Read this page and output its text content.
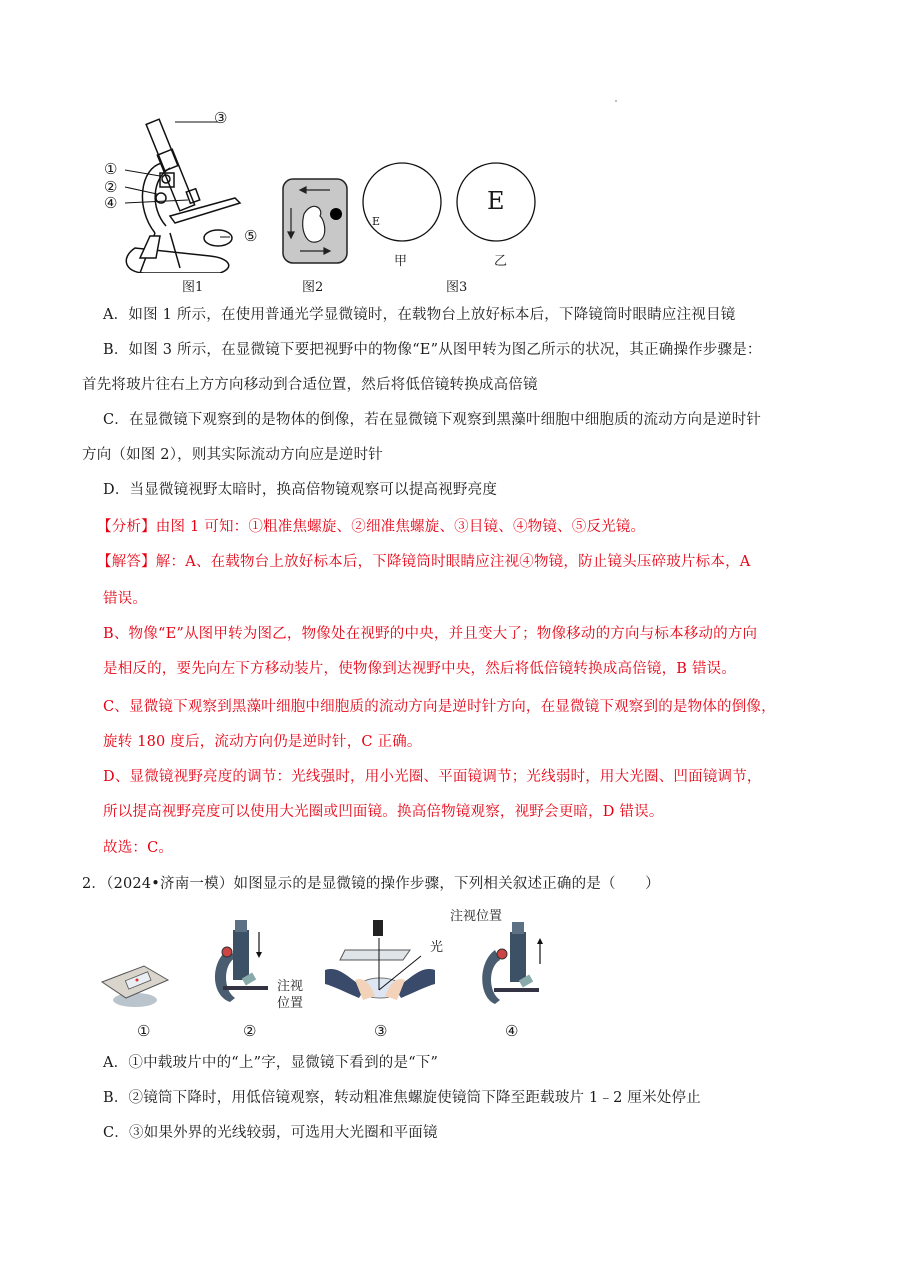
③
①
②
④
⑤
图1	图2
E
甲
E
乙
图3
A．如图 1 所示，在使用普通光学显微镜时，在载物台上放好标本后，下降镜筒时眼睛应注视目镜
B．如图 3 所示，在显微镜下要把视野中的物像“E”从图甲转为图乙所示的状况，其正确操作步骤是：
首先将玻片往右上方方向移动到合适位置，然后将低倍镜转换成高倍镜
C．在显微镜下观察到的是物体的倒像，若在显微镜下观察到黑藻叶细胞中细胞质的流动方向是逆时针
方向（如图 2），则其实际流动方向应是逆时针
D．当显微镜视野太暗时，换高倍物镜观察可以提高视野亮度
【分析】由图 1 可知：①粗准焦螺旋、②细准焦螺旋、③目镜、④物镜、⑤反光镜。
【解答】解：A、在载物台上放好标本后，下降镜筒时眼睛应注视④物镜，防止镜头压碎玻片标本，A
错误。
B、物像“E”从图甲转为图乙，物像处在视野的中央，并且变大了；物像移动的方向与标本移动的方向
是相反的，要先向左下方移动装片，使物像到达视野中央，然后将低倍镜转换成高倍镜，B 错误。
C、显微镜下观察到黑藻叶细胞中细胞质的流动方向是逆时针方向，在显微镜下观察到的是物体的倒像，
旋转 180 度后，流动方向仍是逆时针，C 正确。
D、显微镜视野亮度的调节：光线强时，用小光圈、平面镜调节；光线弱时，用大光圈、凹面镜调节，
所以提高视野亮度可以使用大光圈或凹面镜。换高倍物镜观察，视野会更暗，D 错误。
故选：C。
2．（2024•济南一模）如图显示的是显微镜的操作步骤，下列相关叙述正确的是（　　）
注视
位置
光
注视位置
①	②	③	④
A．①中载玻片中的“上”字，显微镜下看到的是“下”
B．②镜筒下降时，用低倍镜观察，转动粗准焦螺旋使镜筒下降至距载玻片 1﹣2 厘米处停止
C．③如果外界的光线较弱，可选用大光圈和平面镜
